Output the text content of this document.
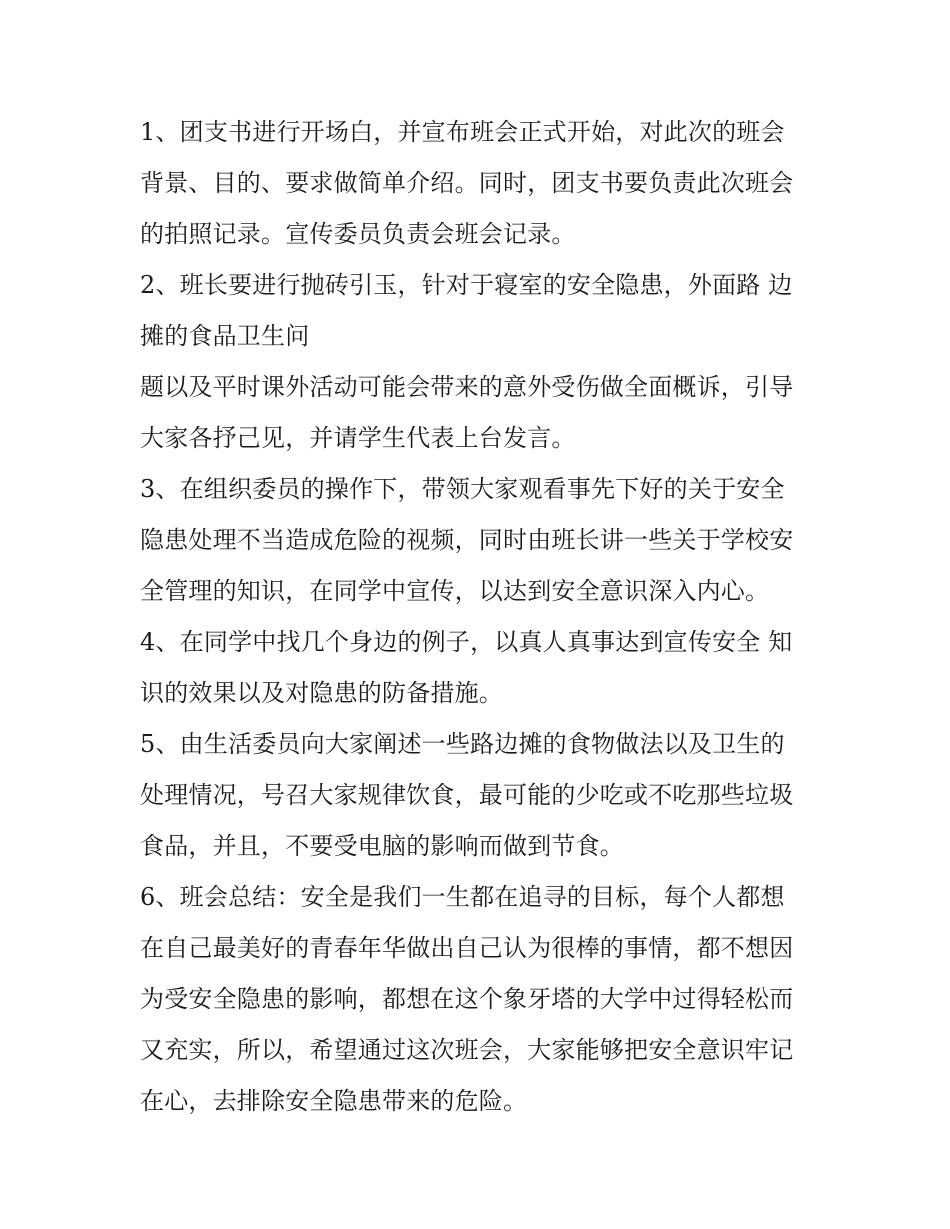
1、团支书进行开场白，并宣布班会正式开始，对此次的班会
背景、目的、要求做简单介绍。同时，团支书要负责此次班会
的拍照记录。宣传委员负责会班会记录。
2、班长要进行抛砖引玉，针对于寝室的安全隐患，外面路 边
摊的食品卫生问
题以及平时课外活动可能会带来的意外受伤做全面概诉，引导
大家各抒己见，并请学生代表上台发言。
3、在组织委员的操作下，带领大家观看事先下好的关于安全
隐患处理不当造成危险的视频，同时由班长讲一些关于学校安
全管理的知识，在同学中宣传，以达到安全意识深入内心。
4、在同学中找几个身边的例子，以真人真事达到宣传安全 知
识的效果以及对隐患的防备措施。
5、由生活委员向大家阐述一些路边摊的食物做法以及卫生的
处理情况，号召大家规律饮食，最可能的少吃或不吃那些垃圾
食品，并且，不要受电脑的影响而做到节食。
6、班会总结：安全是我们一生都在追寻的目标，每个人都想
在自己最美好的青春年华做出自己认为很棒的事情，都不想因
为受安全隐患的影响，都想在这个象牙塔的大学中过得轻松而
又充实，所以，希望通过这次班会，大家能够把安全意识牢记
在心，去排除安全隐患带来的危险。
